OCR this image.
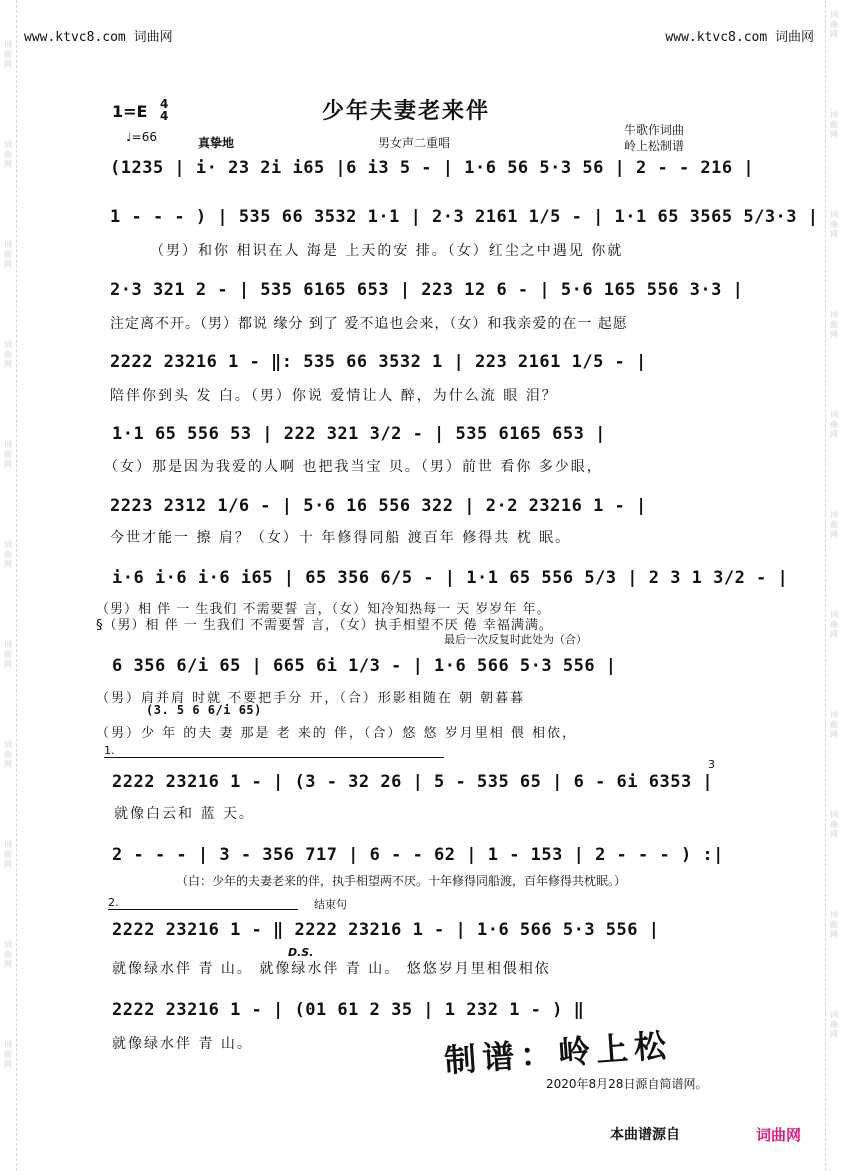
词曲网
词曲网
词曲网
词曲网
词曲网
词曲网
词曲网
词曲网
词曲网
词曲网
词曲网
词曲网
词曲网
词曲网
词曲网
词曲网
词曲网
词曲网
词曲网
词曲网
词曲网
词曲网
www.ktvc8.com 词曲网	www.ktvc8.com 词曲网
1=E 4
4	少年夫妻老来伴
♩=66	真挚地	男女声二重唱
牛歌作词曲
岭上松制谱
(1235 | i· 23 2i i65 |6 i3 5 - | 1·6 56 5·3 56 | 2 - - 216 |
1 - - - ) | 535 66 3532 1·1 | 2·3 2161 1/5 - | 1·1 65 3565 5/3·3 |
（男）和你 相识在人 海是 上天的安 排。（女）红尘之中遇见 你就
2·3 321 2 - | 535 6165 653 | 223 12 6 - | 5·6 165 556 3·3 |
注定离不开。（男）都说 缘分 到了 爱不追也会来，（女）和我亲爱的在一 起愿
2222 23216 1 - ‖: 535 66 3532 1 | 223 2161 1/5 - |
陪伴你到头 发 白。（男）你说 爱情让人 醉，为什么流 眼 泪？
1·1 65 556 53 | 222 321 3/2 - | 535 6165 653 |
（女）那是因为我爱的人啊 也把我当宝 贝。（男）前世 看你 多少眼，
2223 2312 1/6 - | 5·6 16 556 322 | 2·2 23216 1 - |
今世才能一 擦 肩？（女）十 年修得同船 渡百年 修得共 枕 眠。
i·6 i·6 i·6 i65 | 65 356 6/5 - | 1·1 65 556 5/3 | 2 3 1 3/2 - |
（男）相 伴 一 生我们 不需要誓 言，（女）知冷知热每一 天 岁岁年 年。
§（男）相 伴 一 生我们 不需要誓 言，（女）执手相望不厌 倦 幸福满满。
最后一次反复时此处为（合）
6 356 6/i 65 | 665 6i 1/3 - | 1·6 566 5·3 556 |
（男）肩并肩 时就 不要把手分 开，（合）形影相随在 朝 朝暮暮
(3. 5 6 6/i 65)
（男）少 年 的夫 妻 那是 老 来的 伴，（合）悠 悠 岁月里相 偎 相依，
1.
3
2222 23216 1 - | (3 - 32 26 | 5 - 535 65 | 6 - 6i 6353 |
就像白云和 蓝 天。
2 - - - | 3 - 356 717 | 6 - - 62 | 1 - 153 | 2 - - - ) :|
（白：少年的夫妻老来的伴，执手相望两不厌。十年修得同船渡，百年修得共枕眠。）
2.	结束句
2222 23216 1 - ‖ 2222 23216 1 - | 1·6 566 5·3 556 |
D.S.
就像绿水伴 青 山。 就像绿水伴 青 山。 悠悠岁月里相偎相依
2222 23216 1 - | (01 61 2 35 | 1 232 1 - ) ‖
就像绿水伴 青 山。	制谱：岭上松
2020年8月28日源自简谱网。
本曲谱源自	词曲网
